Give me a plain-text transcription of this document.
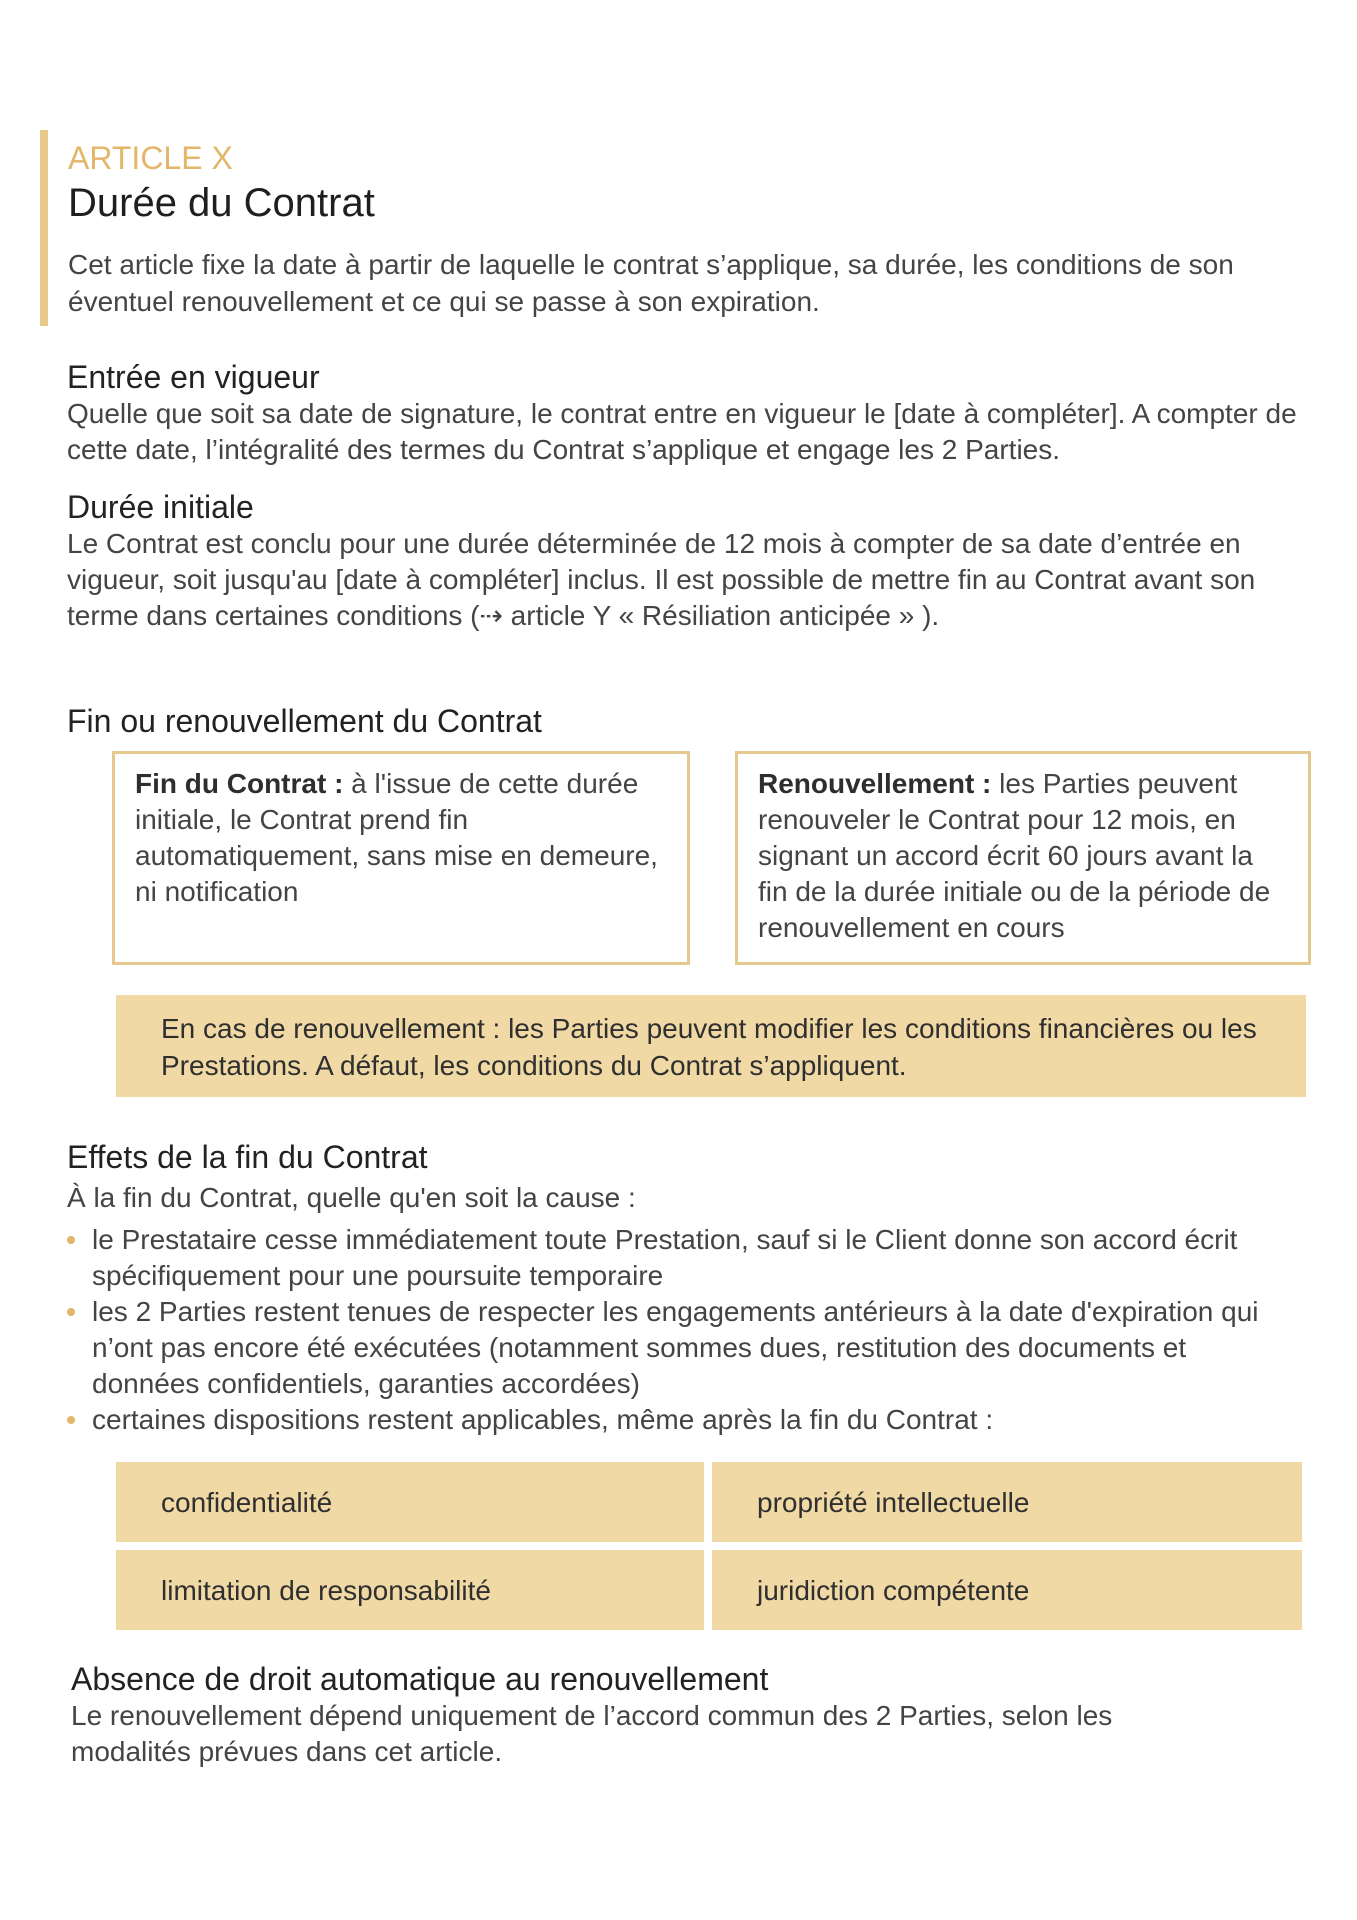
ARTICLE X
Durée du Contrat
Cet article fixe la date à partir de laquelle le contrat s’applique, sa durée, les conditions de son éventuel renouvellement et ce qui se passe à son expiration.
Entrée en vigueur
Quelle que soit sa date de signature, le contrat entre en vigueur le [date à compléter]. A compter de cette date, l’intégralité des termes du Contrat s’applique et engage les 2 Parties.
Durée initiale
Le Contrat est conclu pour une durée déterminée de 12 mois à compter de sa date d’entrée en vigueur, soit jusqu'au [date à compléter] inclus. Il est possible de mettre fin au Contrat avant son terme dans certaines conditions (⇢ article Y « Résiliation anticipée » ).
Fin ou renouvellement du Contrat
Fin du Contrat : à l'issue de cette durée initiale, le Contrat prend fin automatiquement, sans mise en demeure, ni notification
Renouvellement : les Parties peuvent renouveler le Contrat pour 12 mois, en signant un accord écrit 60 jours avant la fin de la durée initiale ou de la période de renouvellement en cours
En cas de renouvellement : les Parties peuvent modifier les conditions financières ou les Prestations. A défaut, les conditions du Contrat s’appliquent.
Effets de la fin du Contrat
À la fin du Contrat, quelle qu'en soit la cause :
le Prestataire cesse immédiatement toute Prestation, sauf si le Client donne son accord écrit spécifiquement pour une poursuite temporaire
les 2 Parties restent tenues de respecter les engagements antérieurs à la date d'expiration qui n’ont pas encore été exécutées (notamment sommes dues, restitution des documents et données confidentiels, garanties accordées)
certaines dispositions restent applicables, même après la fin du Contrat :
confidentialité	propriété intellectuelle
limitation de responsabilité	juridiction compétente
Absence de droit automatique au renouvellement
Le renouvellement dépend uniquement de l’accord commun des 2 Parties, selon les modalités prévues dans cet article.
